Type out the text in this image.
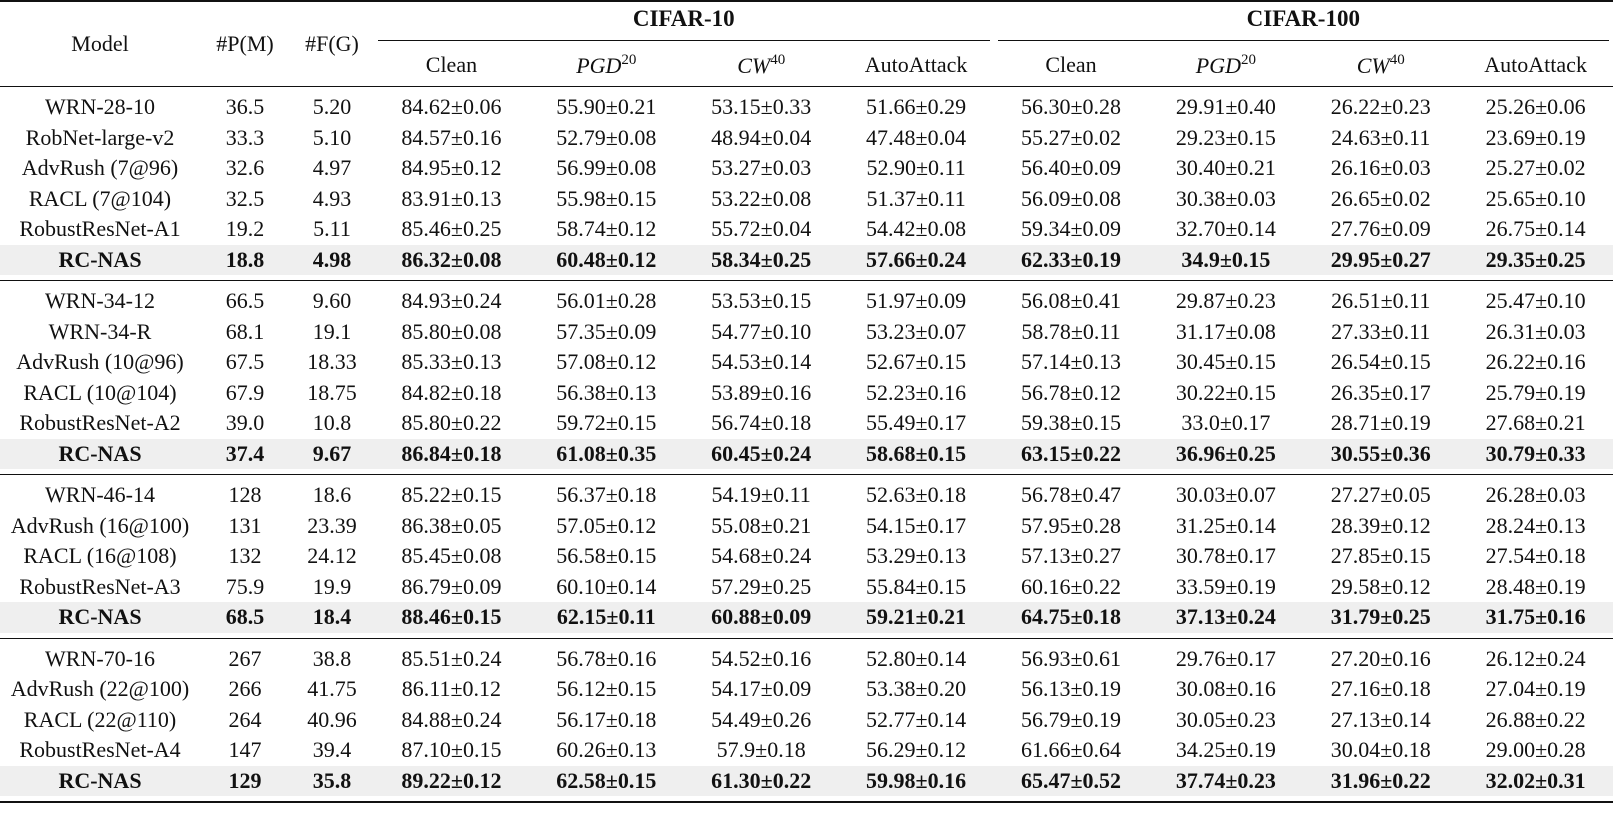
Model	#P(M)	#F(G)	CIFAR-10				CIFAR-100			

			Clean	PGD$^{20}$	CW$^{40}$	AutoAttack	Clean	PGD$^{20}$	CW$^{40}$	AutoAttack

WRN-28-10	36.5	5.20	84.62±0.06	55.90±0.21	53.15±0.33	51.66±0.29	56.30±0.28	29.91±0.40	26.22±0.23	25.26±0.06
RobNet-large-v2	33.3	5.10	84.57±0.16	52.79±0.08	48.94±0.04	47.48±0.04	55.27±0.02	29.23±0.15	24.63±0.11	23.69±0.19
AdvRush (7@96)	32.6	4.97	84.95±0.12	56.99±0.08	53.27±0.03	52.90±0.11	56.40±0.09	30.40±0.21	26.16±0.03	25.27±0.02
RACL (7@104)	32.5	4.93	83.91±0.13	55.98±0.15	53.22±0.08	51.37±0.11	56.09±0.08	30.38±0.03	26.65±0.02	25.65±0.10
RobustResNet-A1	19.2	5.11	85.46±0.25	58.74±0.12	55.72±0.04	54.42±0.08	59.34±0.09	32.70±0.14	27.76±0.09	26.75±0.14
RC-NAS	18.8	4.98	86.32±0.08	60.48±0.12	58.34±0.25	57.66±0.24	62.33±0.19	34.9±0.15	29.95±0.27	29.35±0.25

WRN-34-12	66.5	9.60	84.93±0.24	56.01±0.28	53.53±0.15	51.97±0.09	56.08±0.41	29.87±0.23	26.51±0.11	25.47±0.10
WRN-34-R	68.1	19.1	85.80±0.08	57.35±0.09	54.77±0.10	53.23±0.07	58.78±0.11	31.17±0.08	27.33±0.11	26.31±0.03
AdvRush (10@96)	67.5	18.33	85.33±0.13	57.08±0.12	54.53±0.14	52.67±0.15	57.14±0.13	30.45±0.15	26.54±0.15	26.22±0.16
RACL (10@104)	67.9	18.75	84.82±0.18	56.38±0.13	53.89±0.16	52.23±0.16	56.78±0.12	30.22±0.15	26.35±0.17	25.79±0.19
RobustResNet-A2	39.0	10.8	85.80±0.22	59.72±0.15	56.74±0.18	55.49±0.17	59.38±0.15	33.0±0.17	28.71±0.19	27.68±0.21
RC-NAS	37.4	9.67	86.84±0.18	61.08±0.35	60.45±0.24	58.68±0.15	63.15±0.22	36.96±0.25	30.55±0.36	30.79±0.33

WRN-46-14	128	18.6	85.22±0.15	56.37±0.18	54.19±0.11	52.63±0.18	56.78±0.47	30.03±0.07	27.27±0.05	26.28±0.03
AdvRush (16@100)	131	23.39	86.38±0.05	57.05±0.12	55.08±0.21	54.15±0.17	57.95±0.28	31.25±0.14	28.39±0.12	28.24±0.13
RACL (16@108)	132	24.12	85.45±0.08	56.58±0.15	54.68±0.24	53.29±0.13	57.13±0.27	30.78±0.17	27.85±0.15	27.54±0.18
RobustResNet-A3	75.9	19.9	86.79±0.09	60.10±0.14	57.29±0.25	55.84±0.15	60.16±0.22	33.59±0.19	29.58±0.12	28.48±0.19
RC-NAS	68.5	18.4	88.46±0.15	62.15±0.11	60.88±0.09	59.21±0.21	64.75±0.18	37.13±0.24	31.79±0.25	31.75±0.16

WRN-70-16	267	38.8	85.51±0.24	56.78±0.16	54.52±0.16	52.80±0.14	56.93±0.61	29.76±0.17	27.20±0.16	26.12±0.24
AdvRush (22@100)	266	41.75	86.11±0.12	56.12±0.15	54.17±0.09	53.38±0.20	56.13±0.19	30.08±0.16	27.16±0.18	27.04±0.19
RACL (22@110)	264	40.96	84.88±0.24	56.17±0.18	54.49±0.26	52.77±0.14	56.79±0.19	30.05±0.23	27.13±0.14	26.88±0.22
RobustResNet-A4	147	39.4	87.10±0.15	60.26±0.13	57.9±0.18	56.29±0.12	61.66±0.64	34.25±0.19	30.04±0.18	29.00±0.28
RC-NAS	129	35.8	89.22±0.12	62.58±0.15	61.30±0.22	59.98±0.16	65.47±0.52	37.74±0.23	31.96±0.22	32.02±0.31
